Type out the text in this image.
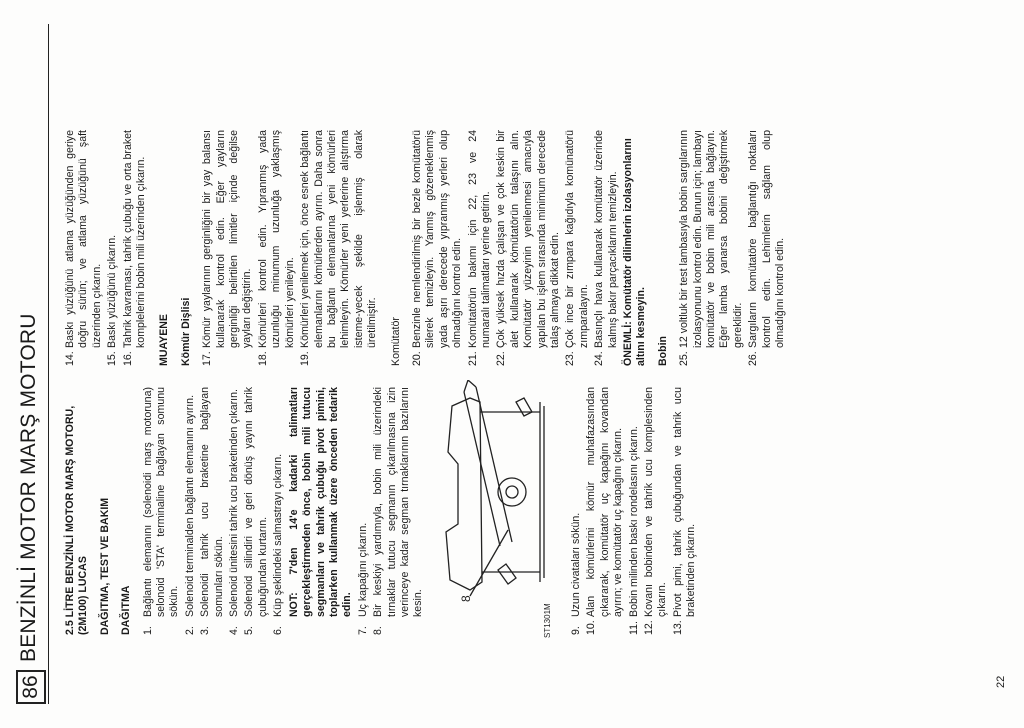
86
BENZİNLİ MOTOR MARŞ MOTORU 2.5 LİTRE BENZİNLİ MOTOR MARŞ MOTORU, (2M100) LUCAS DAĞITMA, TEST VE BAKIM DAĞITMA 1.
Bağlantı elemanını (solenoidi marş motoruna) selonoid 'STA' terminaline bağlayan somunu sökün.

2.
Solenoid terminalden bağlantı elemanını ayırın.

3.
Solenoidi tahrik ucu braketine bağlayan somunları sökün.

4.
Solenoid ünitesini tahrik ucu braketinden çıkarın.

5.
Solenoid silindiri ve geri dönüş yayını tahrik çubuğundan kurtarın.

6.
Küp şeklindeki salmastrayı çıkarın. NOT: 7'den 14'e kadarki talimatları gerçekleştirmeden önce, bobin mili tutucu segmanları ve tahrik çubuğu pivot pimini, toplarken kullanmak üzere önceden tedarik edin.

7.
Uç kapağını çıkarın.

8.
Bir keskiyi yardımıyla, bobin mili üzerindeki tırnaklar tutucu segmanın çıkarılmasına izin verinceye kadar segman tırnaklarının bazılarını kesin.	8
ST1301M 9.
Uzun civataları sökün.

10.
Alan kömürlerini kömür muhafazasından çıkararak, komütatör uç kapağını kovandan ayırın; ve komütatör uç kapağını çıkarın.

11.
Bobin milinden baskı rondelasını çıkarın.

12.
Kovanı bobinden ve tahrik ucu komplesinden çıkarın.

13.
Pivot pimi, tahrik çubuğundan ve tahrik ucu braketinden çıkarın.

14.
Baskı yüzüğünü atlama yüzüğünden geriye doğru sürün; ve atlama yüzüğünü şaft üzerinden çıkarın.

15.
Baskı yüzüğünü çıkarın.

16.
Tahrik kavraması, tahrik çubuğu ve orta braket komplelerini bobin mili üzerinden çıkarın. MUAYENE Kömür Dişlisi 17.
Kömür yaylarının gerginliğini bir yay balansı kullanarak kontrol edin. Eğer yayların gerginliği belirtilen limitler içinde değilse yayları değiştirin.

18.
Kömürleri kontrol edin. Yıpranmış yada uzunluğu minumum uzunluğa yaklaşmış kömürleri yenileyin.

19.
Kömürleri yenilemek için, önce esnek bağlantı elemanlarını kömürlerden ayırın. Daha sonra bu bağlantı elemanlarına yeni kömürleri lehimleyin. Kömürler yeni yerlerine alıştırma isteme-yecek şekilde işlenmiş olarak üretilmiştir. Komütatör 20.
Benzinle nemlendirilmiş bir bezle komütatörü silerek temizleyin. Yanmış gözeneklenmiş yada aşırı derecede yıpranmış yerleri olup olmadığını kontrol edin.

21.
Komütatörün bakımı için 22, 23 ve 24 numaralı talimatları yerine getirin.

22.
Çok yüksek hızda çalışan ve çok keskin bir alet kullanarak kömütatörün talaşını alın. Komütatör yüzeyinin yenilenmesi amacıyla yapılan bu işlem sırasında minimum derecede talaş almaya dikkat edin.

23.
Çok ince bir zımpara kağıdıyla komünatörü zımparalayın.

24.
Basınçlı hava kullanarak komütatör üzerinde kalmış bakır parçacıklarını temizleyin. ÖNEMLİ: Komütatör dilimlerin izolasyonlarını altını kesmeyin. Bobin 25.
12 voltluk bir test lambasıyla bobin sargılarının izolasyonunu kontrol edin. Bunun için; lambayı komütatör ve bobin mili arasına bağlayın. Eğer lamba yanarsa bobini değiştirmek gereklidir.

26.
Sargıların komütatöre bağlantığı noktaları kontrol edin. Lehimlerin sağlam olup olmadığını kontrol edin.

22
